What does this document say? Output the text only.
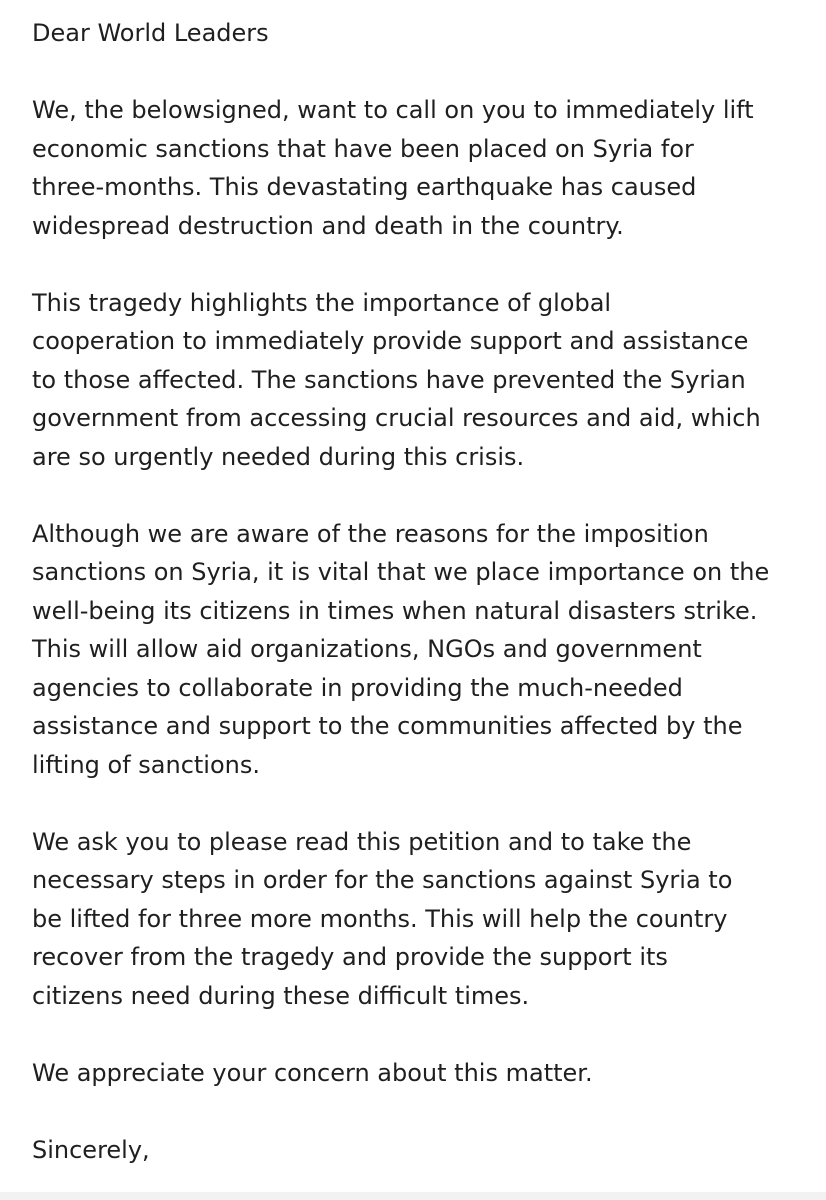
Dear World Leaders
We, the belowsigned, want to call on you to immediately lift
economic sanctions that have been placed on Syria for
three-months. This devastating earthquake has caused
widespread destruction and death in the country.
This tragedy highlights the importance of global
cooperation to immediately provide support and assistance
to those affected. The sanctions have prevented the Syrian
government from accessing crucial resources and aid, which
are so urgently needed during this crisis.
Although we are aware of the reasons for the imposition
sanctions on Syria, it is vital that we place importance on the
well-being its citizens in times when natural disasters strike.
This will allow aid organizations, NGOs and government
agencies to collaborate in providing the much-needed
assistance and support to the communities affected by the
lifting of sanctions.
We ask you to please read this petition and to take the
necessary steps in order for the sanctions against Syria to
be lifted for three more months. This will help the country
recover from the tragedy and provide the support its
citizens need during these difficult times.
We appreciate your concern about this matter.
Sincerely,
